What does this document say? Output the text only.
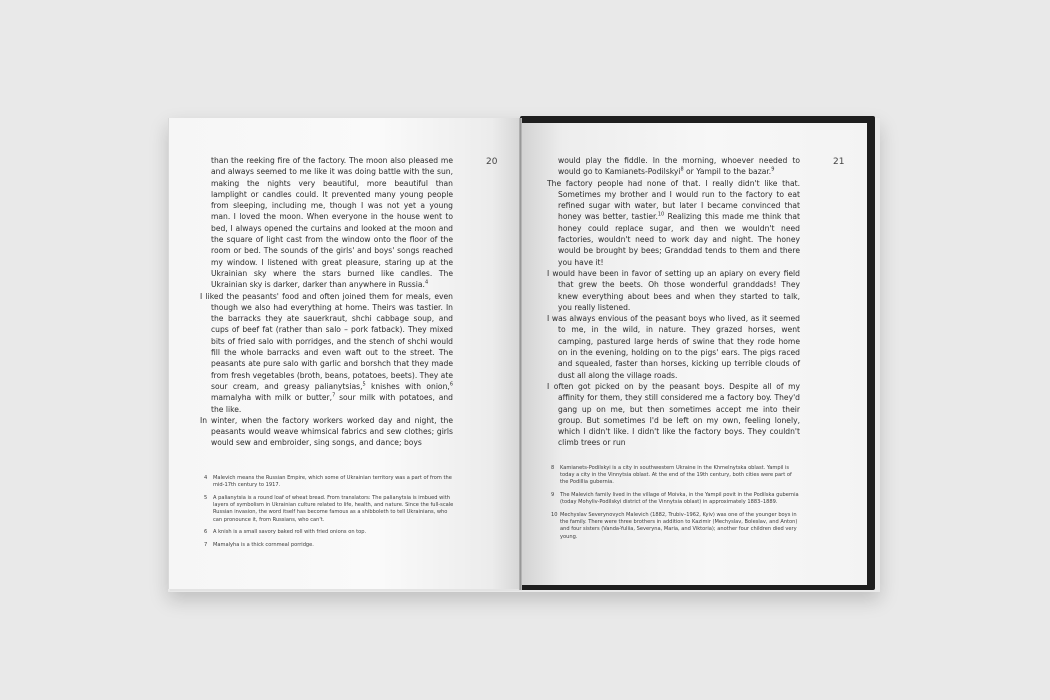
20

than the reeking fire of the factory. The moon also pleased me and always seemed to me like it was doing battle with the sun, making the nights very beautiful, more beautiful than lamplight or candles could. It prevented many young people from sleeping, including me, though I was not yet a young man. I loved the moon. When everyone in the house went to bed, I always opened the curtains and looked at the moon and the square of light cast from the window onto the floor of the room or bed. The sounds of the girls' and boys' songs reached my window. I listened with great pleasure, staring up at the Ukrainian sky where the stars burned like candles. The Ukrainian sky is darker, darker than anywhere in Russia.$^4$

I liked the peasants' food and often joined them for meals, even though we also had everything at home. Theirs was tastier. In the barracks they ate sauerkraut, shchi cabbage soup, and cups of beef fat (rather than salo – pork fatback). They mixed bits of fried salo with porridges, and the stench of shchi would fill the whole barracks and even waft out to the street. The peasants ate pure salo with garlic and borshch that they made from fresh vegetables (broth, beans, potatoes, beets). They ate sour cream, and greasy palianytsias,$^5$ knishes with onion,$^6$ mamalyha with milk or butter,$^7$ sour milk with potatoes, and the like.

In winter, when the factory workers worked day and night, the peasants would weave whimsical fabrics and sew clothes; girls would sew and embroider, sing songs, and dance; boys

4	Malevich means the Russian Empire, which some of Ukrainian territory was a part of from the mid-17th century to 1917.
5	A palianytsia is a round loaf of wheat bread. From translators: The palianytsia is imbued with layers of symbolism in Ukrainian culture related to life, health, and nature. Since the full-scale Russian invasion, the word itself has become famous as a shibboleth to tell Ukrainians, who can pronounce it, from Russians, who can't.
6	A knish is a small savory baked roll with fried onions on top.
7	Mamalyha is a thick cornmeal porridge.
21

would play the fiddle. In the morning, whoever needed to would go to Kamianets-Podilskyi$^8$ or Yampil to the bazar.$^9$

The factory people had none of that. I really didn't like that. Sometimes my brother and I would run to the factory to eat refined sugar with water, but later I became convinced that honey was better, tastier.$^{10}$ Realizing this made me think that honey could replace sugar, and then we wouldn't need factories, wouldn't need to work day and night. The honey would be brought by bees; Granddad tends to them and there you have it!

I would have been in favor of setting up an apiary on every field that grew the beets. Oh those wonderful granddads! They knew everything about bees and when they started to talk, you really listened.

I was always envious of the peasant boys who lived, as it seemed to me, in the wild, in nature. They grazed horses, went camping, pastured large herds of swine that they rode home on in the evening, holding on to the pigs' ears. The pigs raced and squealed, faster than horses, kicking up terrible clouds of dust all along the village roads.

I often got picked on by the peasant boys. Despite all of my affinity for them, they still considered me a factory boy. They'd gang up on me, but then sometimes accept me into their group. But sometimes I'd be left on my own, feeling lonely, which I didn't like. I didn't like the factory boys. They couldn't climb trees or run

8	Kamianets-Podilskyi is a city in southwestern Ukraine in the Khmelnytska oblast. Yampil is today a city in the Vinnytsia oblast. At the end of the 19th century, both cities were part of the Podillia gubernia.
9	The Malevich family lived in the village of Moivka, in the Yampil povit in the Podilska gubernia (today Mohyliv-Podilskyi district of the Vinnytsia oblast) in approximately 1883–1889.
10 Mechyslav Severynovych Malevich (1882, Trubiv–1962, Kyiv) was one of the younger boys in the family. There were three brothers in addition to Kazimir (Mechyslav, Boleslav, and Anton) and four sisters (Vanda-Yuliia, Severyna, Maria, and Viktoria); another four children died very young.
